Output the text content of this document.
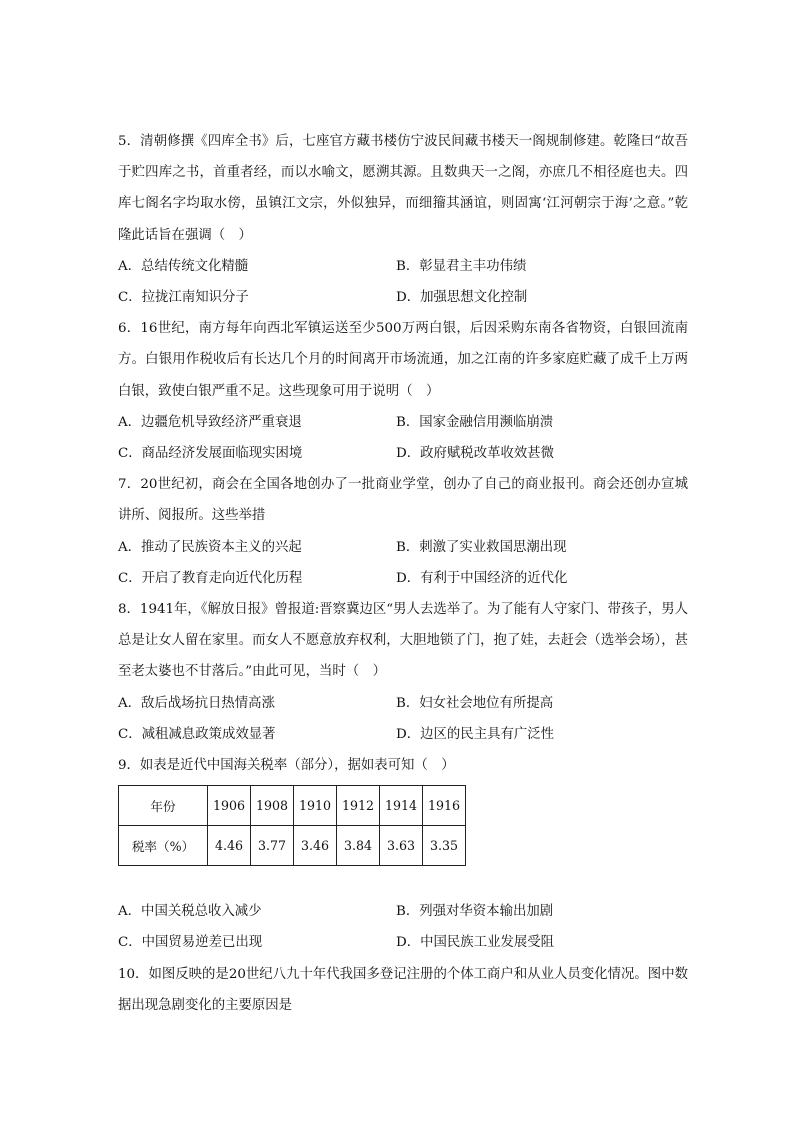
5．清朝修撰《四库全书》后，七座官方藏书楼仿宁波民间藏书楼天一阁规制修建。乾隆曰“故吾于贮四库之书，首重者经，而以水喻文，愿溯其源。且数典天一之阁，亦庶几不相径庭也夫。四库七阁名字均取水傍，虽镇江文宗，外似独异，而细籀其涵谊，则固寓‘江河朝宗于海’之意。”乾隆此话旨在强调（　）

A．总结传统文化精髓	B．彰显君主丰功伟绩
C．拉拢江南知识分子	D．加强思想文化控制

6．16世纪，南方每年向西北军镇运送至少500万两白银，后因采购东南各省物资，白银回流南方。白银用作税收后有长达几个月的时间离开市场流通，加之江南的许多家庭贮藏了成千上万两白银，致使白银严重不足。这些现象可用于说明（　）

A．边疆危机导致经济严重衰退	B．国家金融信用濒临崩溃
C．商品经济发展面临现实困境	D．政府赋税改革收效甚微

7．20世纪初，商会在全国各地创办了一批商业学堂，创办了自己的商业报刊。商会还创办宣城讲所、阅报所。这些举措

A．推动了民族资本主义的兴起	B．刺激了实业救国思潮出现
C．开启了教育走向近代化历程	D．有利于中国经济的近代化

8．1941年，《解放日报》曾报道:晋察冀边区“男人去选举了。为了能有人守家门、带孩子，男人总是让女人留在家里。而女人不愿意放弃权利，大胆地锁了门，抱了娃，去赶会（选举会场），甚至老太婆也不甘落后。”由此可见，当时（　）

A．敌后战场抗日热情高涨	B．妇女社会地位有所提高
C．减租减息政策成效显著	D．边区的民主具有广泛性

9．如表是近代中国海关税率（部分），据如表可知（　）

年份	1906	1908	1910	1912	1914	1916
税率（%）	4.46	3.77	3.46	3.84	3.63	3.35
A．中国关税总收入减少	B．列强对华资本输出加剧
C．中国贸易逆差已出现	D．中国民族工业发展受阻

10．如图反映的是20世纪八九十年代我国多登记注册的个体工商户和从业人员变化情况。图中数据出现急剧变化的主要原因是
